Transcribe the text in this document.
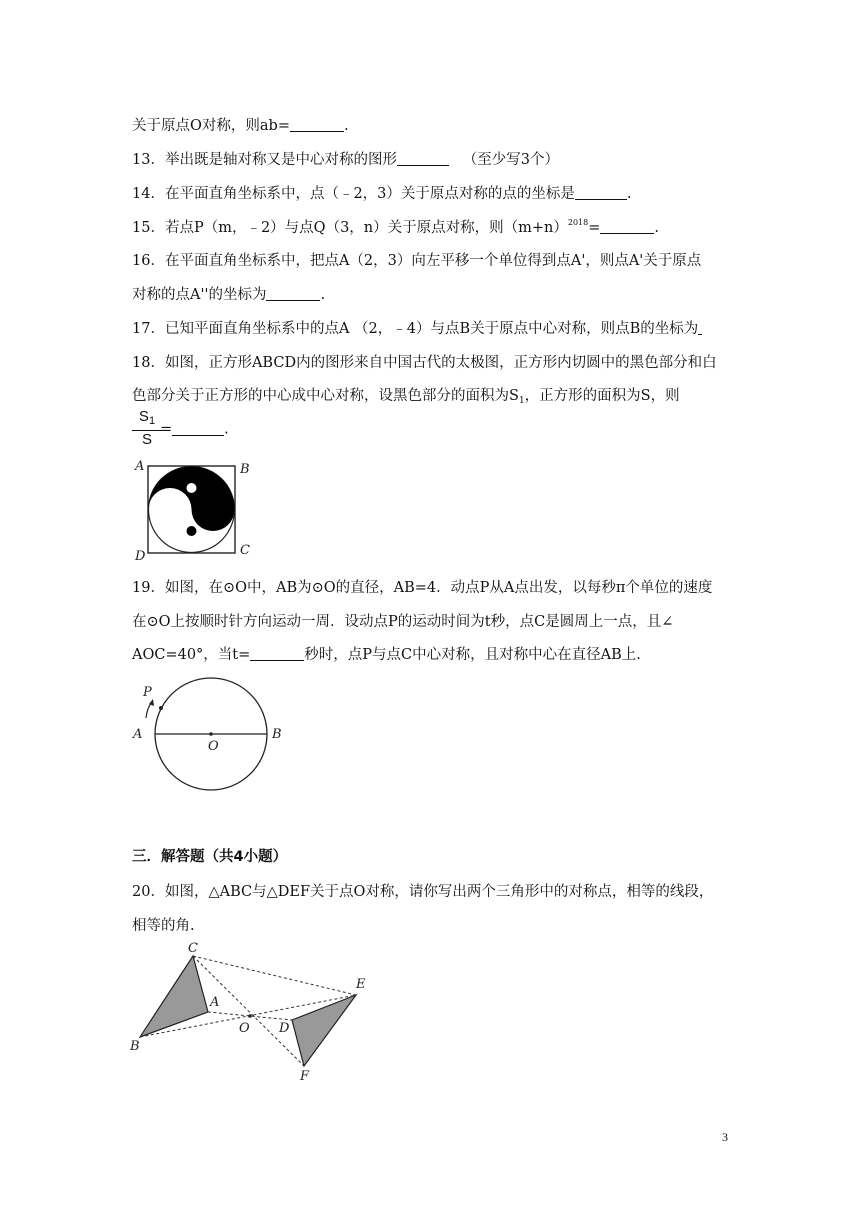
关于原点O对称，则ab=	.
13．举出既是轴对称又是中心对称的图形	（至少写3个）
14．在平面直角坐标系中，点（﹣2，3）关于原点对称的点的坐标是	.
15．若点P（m，﹣2）与点Q（3，n）关于原点对称，则$(m+n)^{2018}=$	.
16．在平面直角坐标系中，把点A（2，3）向左平移一个单位得到点A'，则点A'关于原点
对称的点A''的坐标为	.
17．已知平面直角坐标系中的点A （2，﹣4）与点B关于原点中心对称，则点B的坐标为
18．如图，正方形ABCD内的图形来自中国古代的太极图，正方形内切圆中的黑色部分和白
色部分关于正方形的中心成中心对称，设黑色部分的面积为$S_1$，正方形的面积为S，则
$\frac{S_1}{S}$
=	.
A	B
C
D
19．如图，在⊙O中，AB为⊙O的直径，AB=4．动点P从A点出发，以每秒π个单位的速度
在⊙O上按顺时针方向运动一周．设动点P的运动时间为t秒，点C是圆周上一点，且∠
AOC=40°，当t=	秒时，点P与点C中心对称，且对称中心在直径AB上.
P
A
O
B
三．解答题（共4小题）
20．如图，△ABC与△DEF关于点O对称，请你写出两个三角形中的对称点，相等的线段，
相等的角.
C
A
B
O D
E
F
3
